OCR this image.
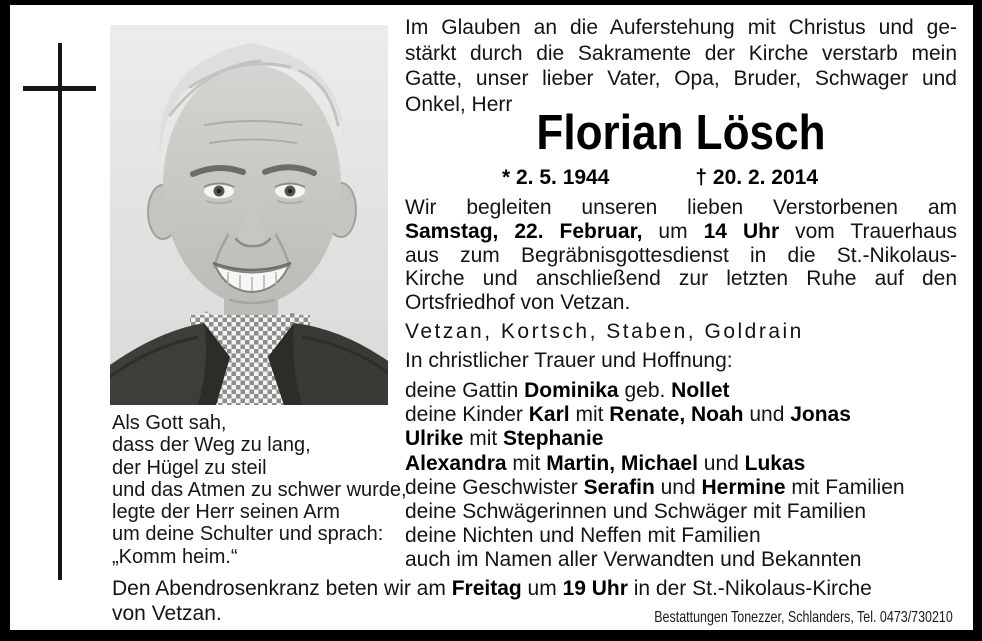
Als Gott sah,
dass der Weg zu lang,
der Hügel zu steil
und das Atmen zu schwer wurde,
legte der Herr seinen Arm
um deine Schulter und sprach:
„Komm heim.“
Im Glauben an die Auferstehung mit Christus und ge-
stärkt durch die Sakramente der Kirche verstarb mein
Gatte, unser lieber Vater, Opa, Bruder, Schwager und
Onkel, Herr
Florian Lösch
* 2. 5. 1944	† 20. 2. 2014
Wir begleiten unseren lieben Verstorbenen am
Samstag, 22. Februar, um 14 Uhr vom Trauerhaus
aus zum Begräbnisgottesdienst in die St.-Nikolaus-
Kirche und anschließend zur letzten Ruhe auf den
Ortsfriedhof von Vetzan.
Vetzan, Kortsch, Staben, Goldrain
In christlicher Trauer und Hoffnung:
deine Gattin Dominika geb. Nollet
deine Kinder Karl mit Renate, Noah und Jonas
Ulrike mit Stephanie
Alexandra mit Martin, Michael und Lukas
deine Geschwister Serafin und Hermine mit Familien
deine Schwägerinnen und Schwäger mit Familien
deine Nichten und Neffen mit Familien
auch im Namen aller Verwandten und Bekannten
Den Abendrosenkranz beten wir am Freitag um 19 Uhr in der St.-Nikolaus-Kirche
von Vetzan.	Bestattungen Tonezzer, Schlanders, Tel. 0473/730210
